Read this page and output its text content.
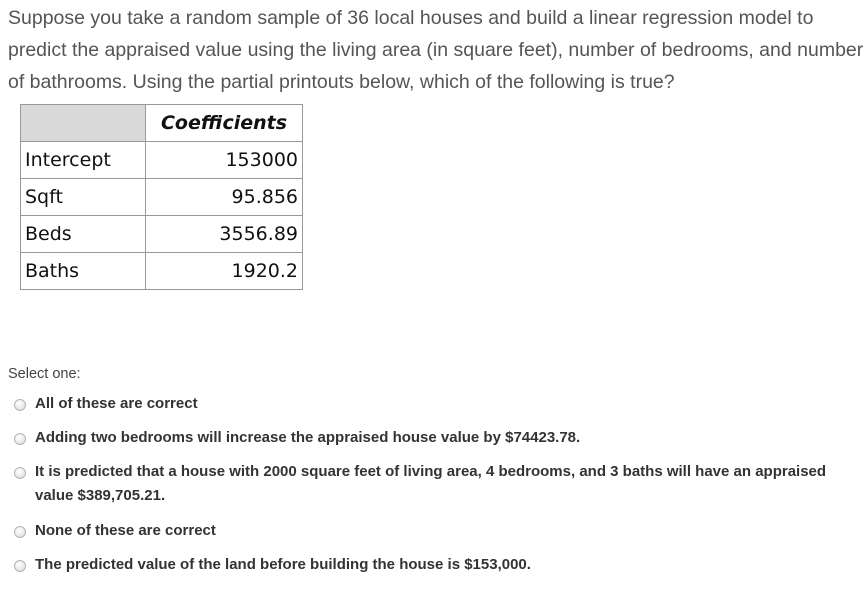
Suppose you take a random sample of 36 local houses and build a linear regression model to predict the appraised value using the living area (in square feet), number of bedrooms, and number of bathrooms. Using the partial printouts below, which of the following is true?
	Coefficients
Intercept	153000
Sqft	95.856
Beds	3556.89
Baths	1920.2
Select one:
All of these are correct
Adding two bedrooms will increase the appraised house value by $74423.78.
It is predicted that a house with 2000 square feet of living area, 4 bedrooms, and 3 baths will have an appraised value $389,705.21.
None of these are correct
The predicted value of the land before building the house is $153,000.
